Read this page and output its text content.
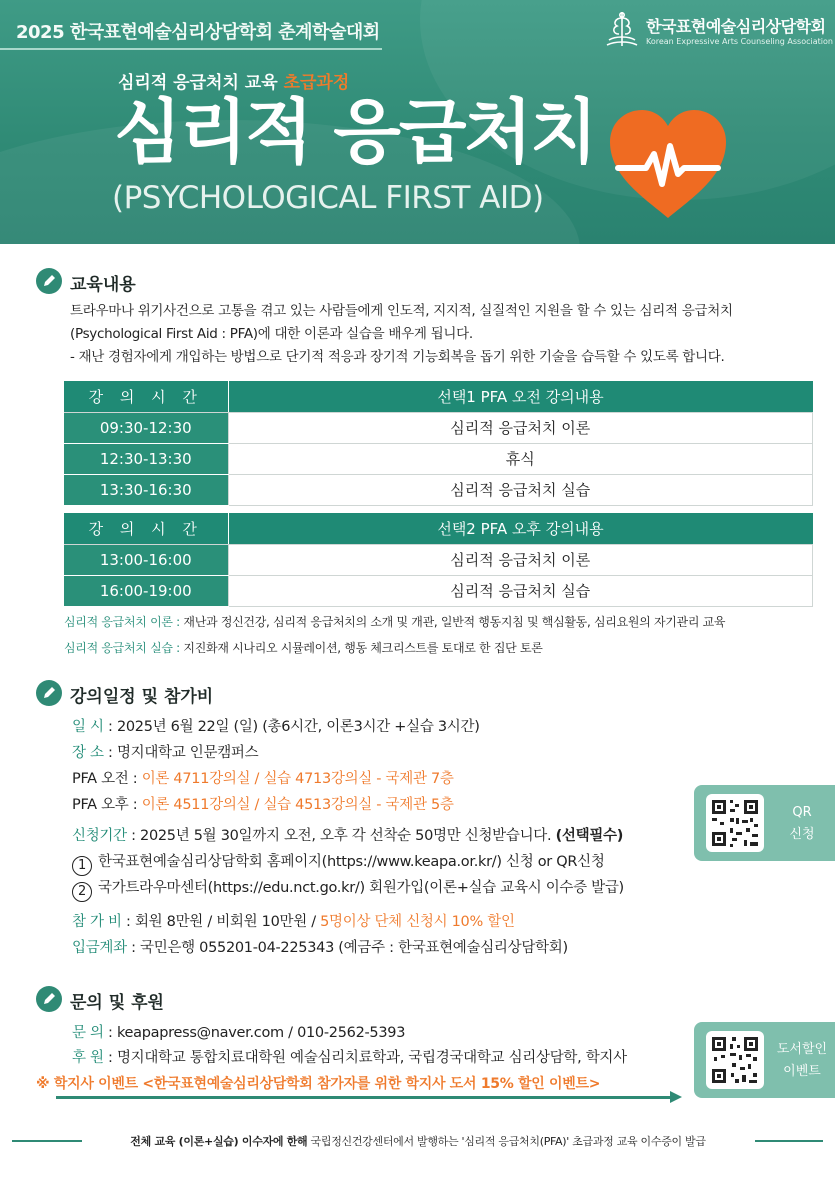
2025 한국표현예술심리상담학회 춘계학술대회	한국표현예술심리상담학회
Korean Expressive Arts Counseling Association
심리적 응급처치 교육 초급과정
심리적 응급처치
(PSYCHOLOGICAL FIRST AID)
교육내용
트라우마나 위기사건으로 고통을 겪고 있는 사람들에게 인도적, 지지적, 실질적인 지원을 할 수 있는 심리적 응급처치
(Psychological First Aid : PFA)에 대한 이론과 실습을 배우게 됩니다.
- 재난 경험자에게 개입하는 방법으로 단기적 적응과 장기적 기능회복을 돕기 위한 기술을 습득할 수 있도록 합니다.
강 의 시 간	선택1 PFA 오전 강의내용
09:30-12:30	심리적 응급처치 이론
12:30-13:30	휴식
13:30-16:30	심리적 응급처치 실습
강 의 시 간	선택2 PFA 오후 강의내용
13:00-16:00	심리적 응급처치 이론
16:00-19:00	심리적 응급처치 실습
심리적 응급처치 이론 : 재난과 정신건강, 심리적 응급처치의 소개 및 개관, 일반적 행동지침 및 핵심활동, 심리요원의 자기관리 교육
심리적 응급처치 실습 : 지진화재 시나리오 시뮬레이션, 행동 체크리스트를 토대로 한 집단 토론
강의일정 및 참가비
일 시 : 2025년 6월 22일 (일) (총6시간, 이론3시간 +실습 3시간)
장 소 : 명지대학교 인문캠퍼스
PFA 오전 : 이론 4711강의실 / 실습 4713강의실 - 국제관 7층
PFA 오후 : 이론 4511강의실 / 실습 4513강의실 - 국제관 5층
신청기간 : 2025년 5월 30일까지 오전, 오후 각 선착순 50명만 신청받습니다. (선택필수)
1 한국표현예술심리상담학회 홈페이지(https://www.keapa.or.kr/) 신청 or QR신청
2 국가트라우마센터(https://edu.nct.go.kr/) 회원가입(이론+실습 교육시 이수증 발급)
참 가 비 : 회원 8만원 / 비회원 10만원 / 5명이상 단체 신청시 10% 할인
입금계좌 : 국민은행 055201-04-225343 (예금주 : 한국표현예술심리상담학회)
QR
신청
문의 및 후원
문 의 : keapapress@naver.com / 010-2562-5393
후 원 : 명지대학교 통합치료대학원 예술심리치료학과, 국립경국대학교 심리상담학, 학지사
※ 학지사 이벤트 <한국표현예술심리상담학회 참가자를 위한 학지사 도서 15% 할인 이벤트>
도서할인
이벤트
전체 교육 (이론+실습) 이수자에 한해 국립정신건강센터에서 발행하는 '심리적 응급처치(PFA)' 초급과정 교육 이수증이 발급
